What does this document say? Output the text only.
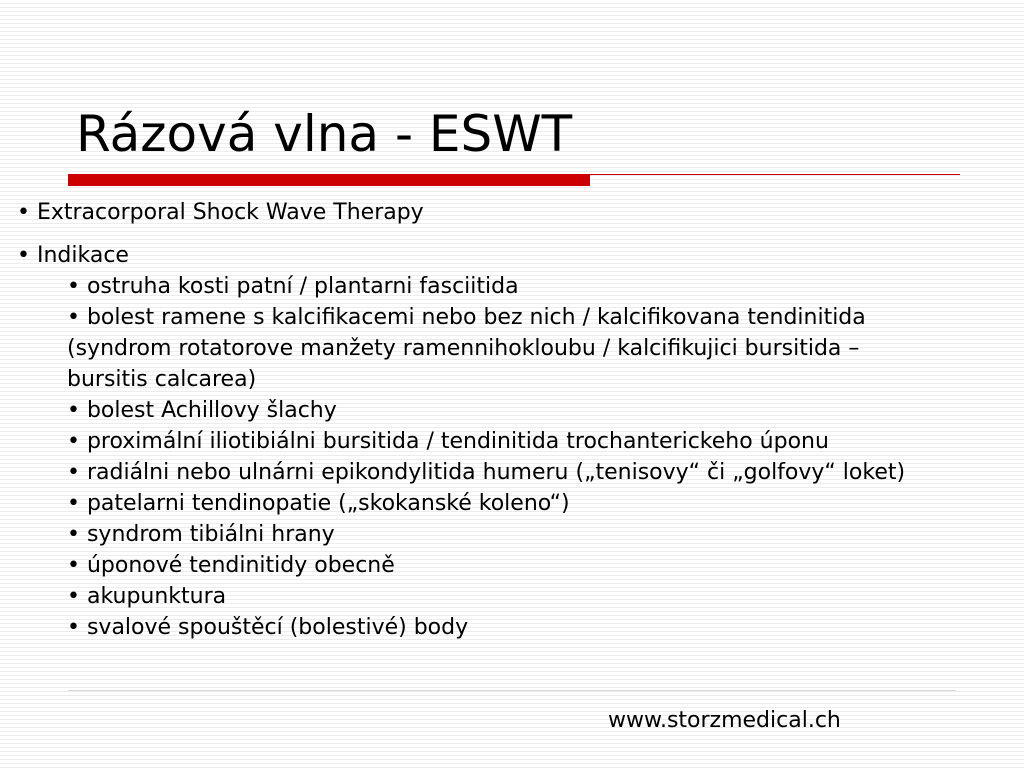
Rázová vlna - ESWT

• Extracorporal Shock Wave Therapy

• Indikace

• ostruha kosti patní / plantarni fasciitida

• bolest ramene s kalcifikacemi nebo bez nich / kalcifikovana tendinitida

(syndrom rotatorove manžety ramennihokloubu / kalcifikujici bursitida –

bursitis calcarea)

• bolest Achillovy šlachy

• proximální iliotibiálni bursitida / tendinitida trochanterickeho úponu

• radiálni nebo ulnárni epikondylitida humeru („tenisovy“ či „golfovy“ loket)

• patelarni tendinopatie („skokanské koleno“)

• syndrom tibiálni hrany

• úponové tendinitidy obecně

• akupunktura

• svalové spouštěcí (bolestivé) body

www.storzmedical.ch
